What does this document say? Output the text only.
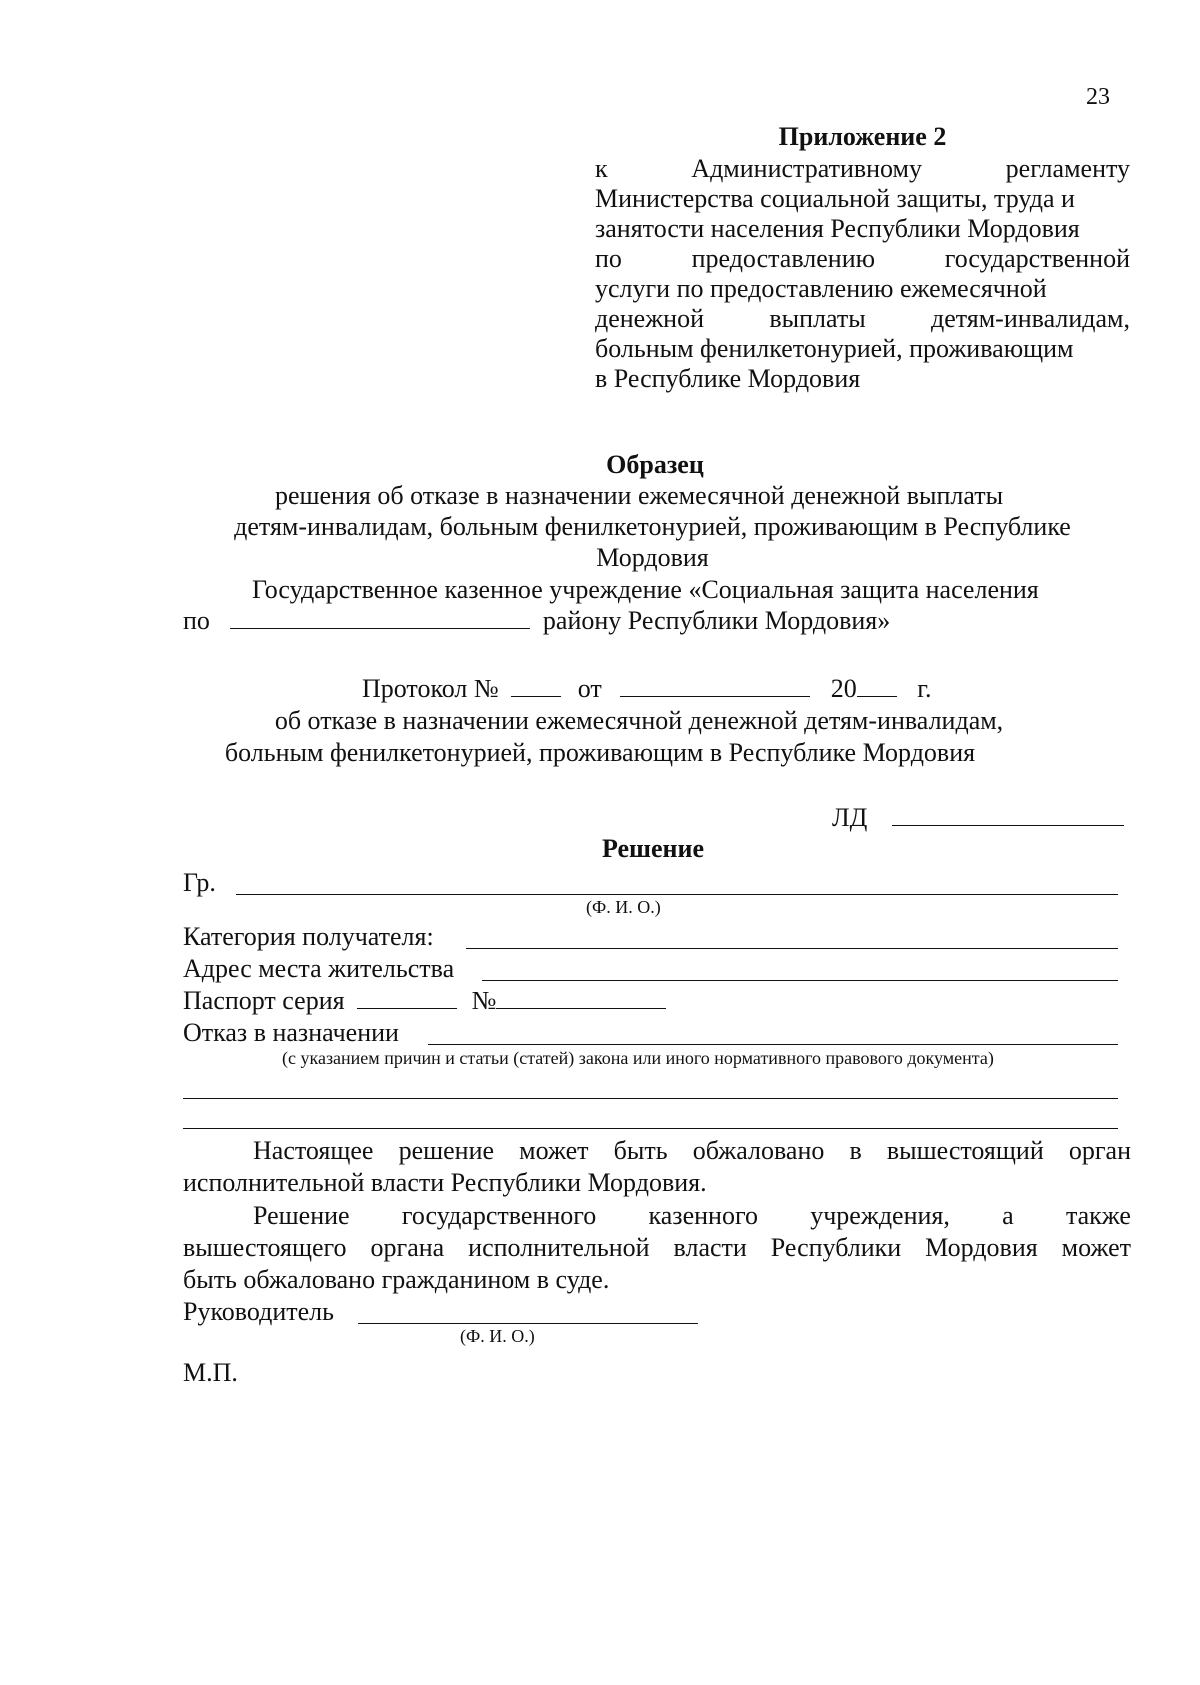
23
Приложение 2
к	Административному	регламенту
Министерства социальной защиты, труда и
занятости населения Республики Мордовия
по	предоставлению	государственной
услуги по предоставлению ежемесячной
денежной	выплаты	детям-инвалидам,
больным фенилкетонурией, проживающим
в Республике Мордовия
Образец
решения об отказе в назначении ежемесячной денежной выплаты
детям-инвалидам, больным фенилкетонурией, проживающим в Республике
Мордовия
Государственное казенное учреждение «Социальная защита населения
по	району Республики Мордовия»
Протокол №	от	20 г.
об отказе в назначении ежемесячной денежной детям-инвалидам,
больным фенилкетонурией, проживающим в Республике Мордовия
ЛД
Решение
Гр.
(Ф. И. О.)
Категория получателя:
Адрес места жительства
Паспорт серия	№
Отказ в назначении
(с указанием причин и статьи (статей) закона или иного нормативного правового документа)
Настоящее решение может быть обжаловано в вышестоящий орган
исполнительной власти Республики Мордовия.
Решение государственного казенного учреждения, а также
вышестоящего органа исполнительной власти Республики Мордовия может
быть обжаловано гражданином в суде.
Руководитель
(Ф. И. О.)
М.П.
